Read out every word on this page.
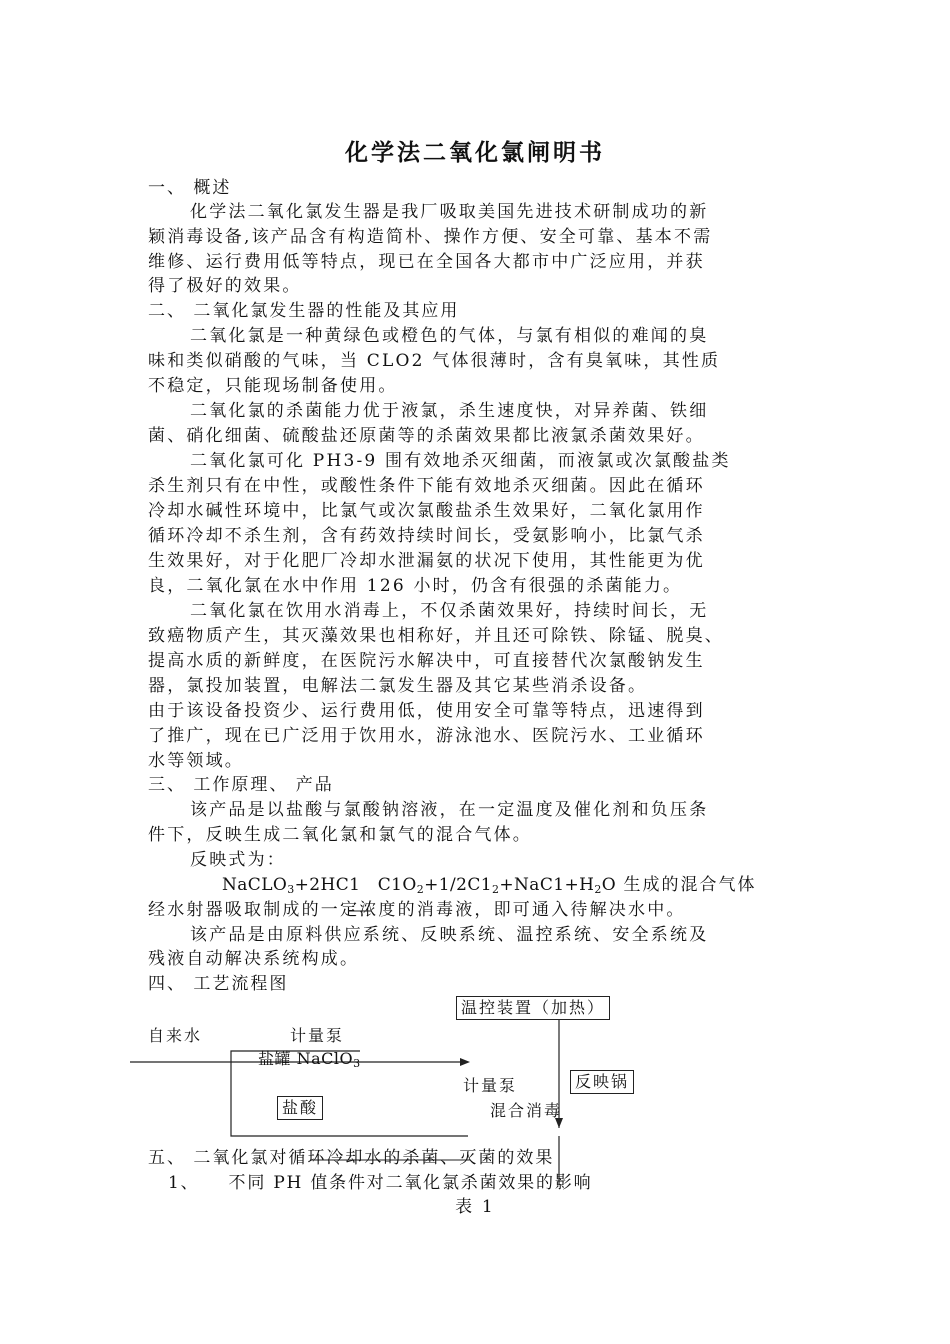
化学法二氧化氯闸明书
一、 概述
化学法二氧化氯发生器是我厂吸取美国先进技术研制成功的新
颖消毒设备,该产品含有构造简朴、操作方便、安全可靠、基本不需
维修、运行费用低等特点，现已在全国各大都市中广泛应用，并获
得了极好的效果。
二、 二氧化氯发生器的性能及其应用
二氧化氯是一种黄绿色或橙色的气体，与氯有相似的难闻的臭
味和类似硝酸的气味，当 CLO2 气体很薄时，含有臭氧味，其性质
不稳定，只能现场制备使用。
二氧化氯的杀菌能力优于液氯，杀生速度快，对异养菌、铁细
菌、硝化细菌、硫酸盐还原菌等的杀菌效果都比液氯杀菌效果好。
二氧化氯可化 PH3-9 围有效地杀灭细菌，而液氯或次氯酸盐类
杀生剂只有在中性，或酸性条件下能有效地杀灭细菌。因此在循环
冷却水碱性环境中，比氯气或次氯酸盐杀生效果好，二氧化氯用作
循环冷却不杀生剂，含有药效持续时间长，受氨影响小，比氯气杀
生效果好，对于化肥厂冷却水泄漏氨的状况下使用，其性能更为优
良，二氧化氯在水中作用 126 小时，仍含有很强的杀菌能力。
二氧化氯在饮用水消毒上，不仅杀菌效果好，持续时间长，无
致癌物质产生，其灭藻效果也相称好，并且还可除铁、除锰、脱臭、
提高水质的新鲜度，在医院污水解决中，可直接替代次氯酸钠发生
器，氯投加装置，电解法二氯发生器及其它某些消杀设备。
由于该设备投资少、运行费用低，使用安全可靠等特点，迅速得到
了推广，现在已广泛用于饮用水，游泳池水、医院污水、工业循环
水等领域。
三、 工作原理、 产品
该产品是以盐酸与氯酸钠溶液，在一定温度及催化剂和负压条
件下，反映生成二氧化氯和氯气的混合气体。
反映式为：
NaCLO$_3$+2HC1　$C1O_2+1/2C1_2+NaC1+H_2O$ 生成的混合气体
经水射器吸取制成的一定浓度的消毒液，即可通入待解决水中。
该产品是由原料供应系统、反映系统、温控系统、安全系统及
残液自动解决系统构成。
四、 工艺流程图
温控装置（加热）
自来水	计量泵
盐罐 NaClO$_3$
计量泵	反映锅
盐酸	混合消毒
五、 二氧化氯对循环冷却水的杀菌、灭菌的效果
1、　　不同 PH 值条件对二氧化氯杀菌效果的影响
表 1
